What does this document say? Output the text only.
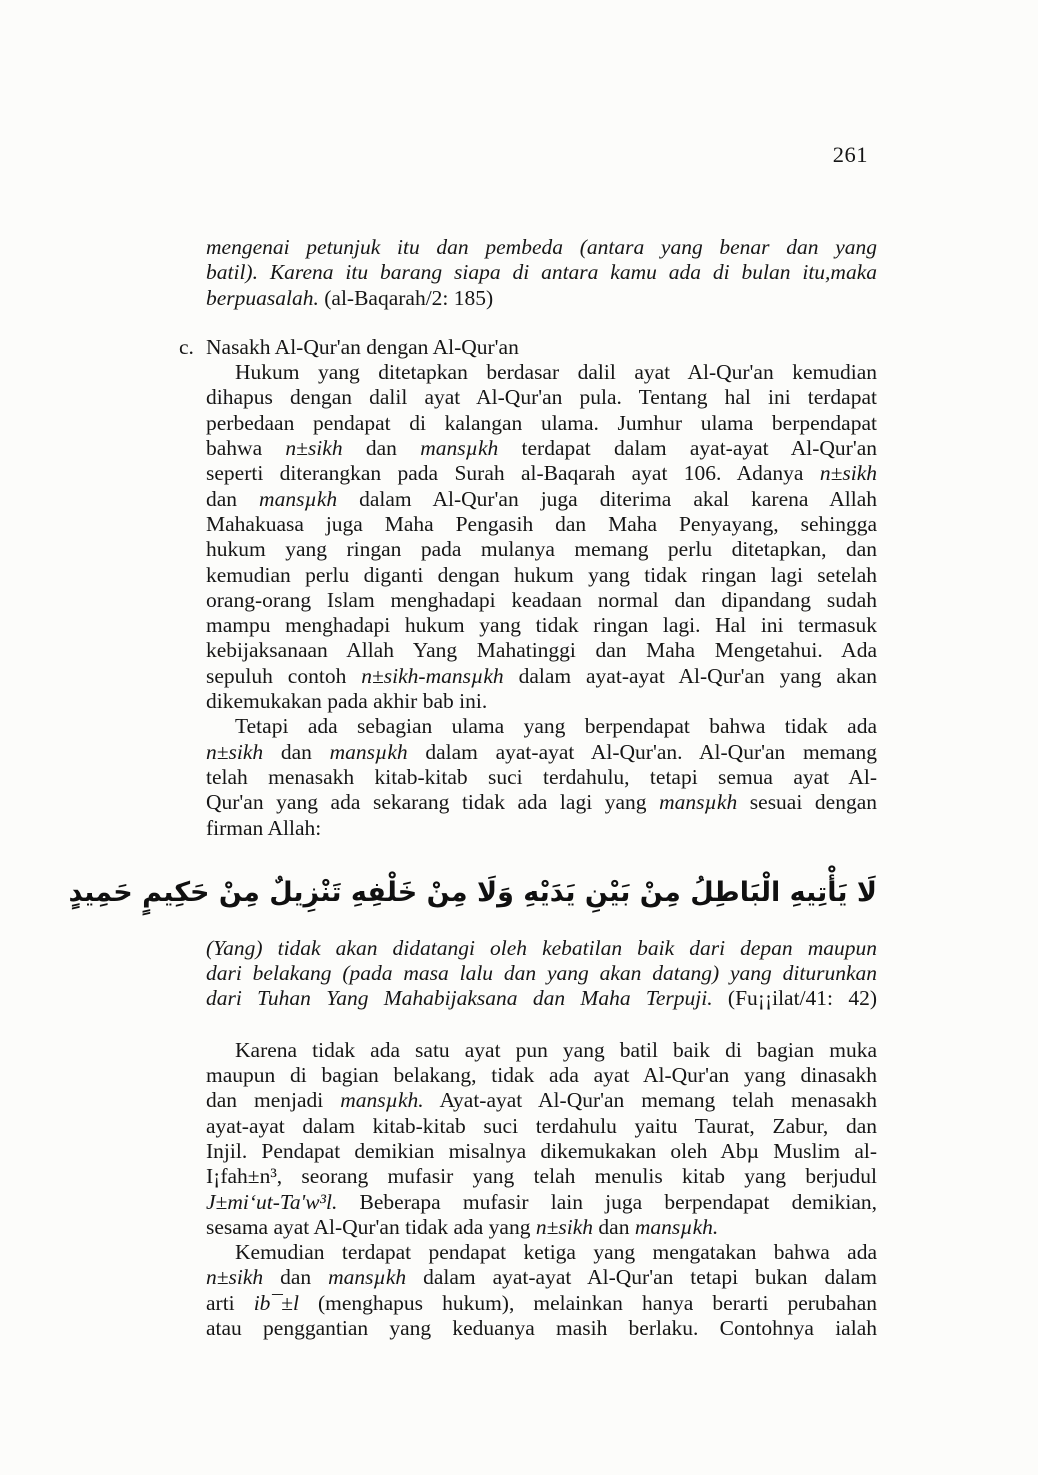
261
mengenai petunjuk itu dan pembeda (antara yang benar dan yang
batil). Karena itu barang siapa di antara kamu ada di bulan itu,maka
berpuasalah. (al-Baqarah/2: 185)
c. Nasakh Al-Qur'an dengan Al-Qur'an
Hukum yang ditetapkan berdasar dalil ayat Al-Qur'an kemudian
dihapus dengan dalil ayat Al-Qur'an pula. Tentang hal ini terdapat
perbedaan pendapat di kalangan ulama. Jumhur ulama berpendapat
bahwa n±sikh dan mansµkh terdapat dalam ayat-ayat Al-Qur'an
seperti diterangkan pada Surah al-Baqarah ayat 106. Adanya n±sikh
dan mansµkh dalam Al-Qur'an juga diterima akal karena Allah
Mahakuasa juga Maha Pengasih dan Maha Penyayang, sehingga
hukum yang ringan pada mulanya memang perlu ditetapkan, dan
kemudian perlu diganti dengan hukum yang tidak ringan lagi setelah
orang-orang Islam menghadapi keadaan normal dan dipandang sudah
mampu menghadapi hukum yang tidak ringan lagi. Hal ini termasuk
kebijaksanaan Allah Yang Mahatinggi dan Maha Mengetahui. Ada
sepuluh contoh n±sikh-mansµkh dalam ayat-ayat Al-Qur'an yang akan
dikemukakan pada akhir bab ini.
Tetapi ada sebagian ulama yang berpendapat bahwa tidak ada
n±sikh dan mansµkh dalam ayat-ayat Al-Qur'an. Al-Qur'an memang
telah menasakh kitab-kitab suci terdahulu, tetapi semua ayat Al-
Qur'an yang ada sekarang tidak ada lagi yang mansµkh sesuai dengan
firman Allah:
لَا يَأْتِيهِ الْبَاطِلُ مِنْ بَيْنِ يَدَيْهِ وَلَا مِنْ خَلْفِهِ تَنْزِيلٌ مِنْ حَكِيمٍ حَمِيدٍ
(Yang) tidak akan didatangi oleh kebatilan baik dari depan maupun
dari belakang (pada masa lalu dan yang akan datang) yang diturunkan
dari Tuhan Yang Mahabijaksana dan Maha Terpuji. (Fu¡¡ilat/41: 42)
Karena tidak ada satu ayat pun yang batil baik di bagian muka
maupun di bagian belakang, tidak ada ayat Al-Qur'an yang dinasakh
dan menjadi mansµkh. Ayat-ayat Al-Qur'an memang telah menasakh
ayat-ayat dalam kitab-kitab suci terdahulu yaitu Taurat, Zabur, dan
Injil. Pendapat demikian misalnya dikemukakan oleh Abµ Muslim al-
I¡fah±n³, seorang mufasir yang telah menulis kitab yang berjudul
J±mi‘ut-Ta'w³l. Beberapa mufasir lain juga berpendapat demikian,
sesama ayat Al-Qur'an tidak ada yang n±sikh dan mansµkh.
Kemudian terdapat pendapat ketiga yang mengatakan bahwa ada
n±sikh dan mansµkh dalam ayat-ayat Al-Qur'an tetapi bukan dalam
arti ib¯±l (menghapus hukum), melainkan hanya berarti perubahan
atau penggantian yang keduanya masih berlaku. Contohnya ialah
